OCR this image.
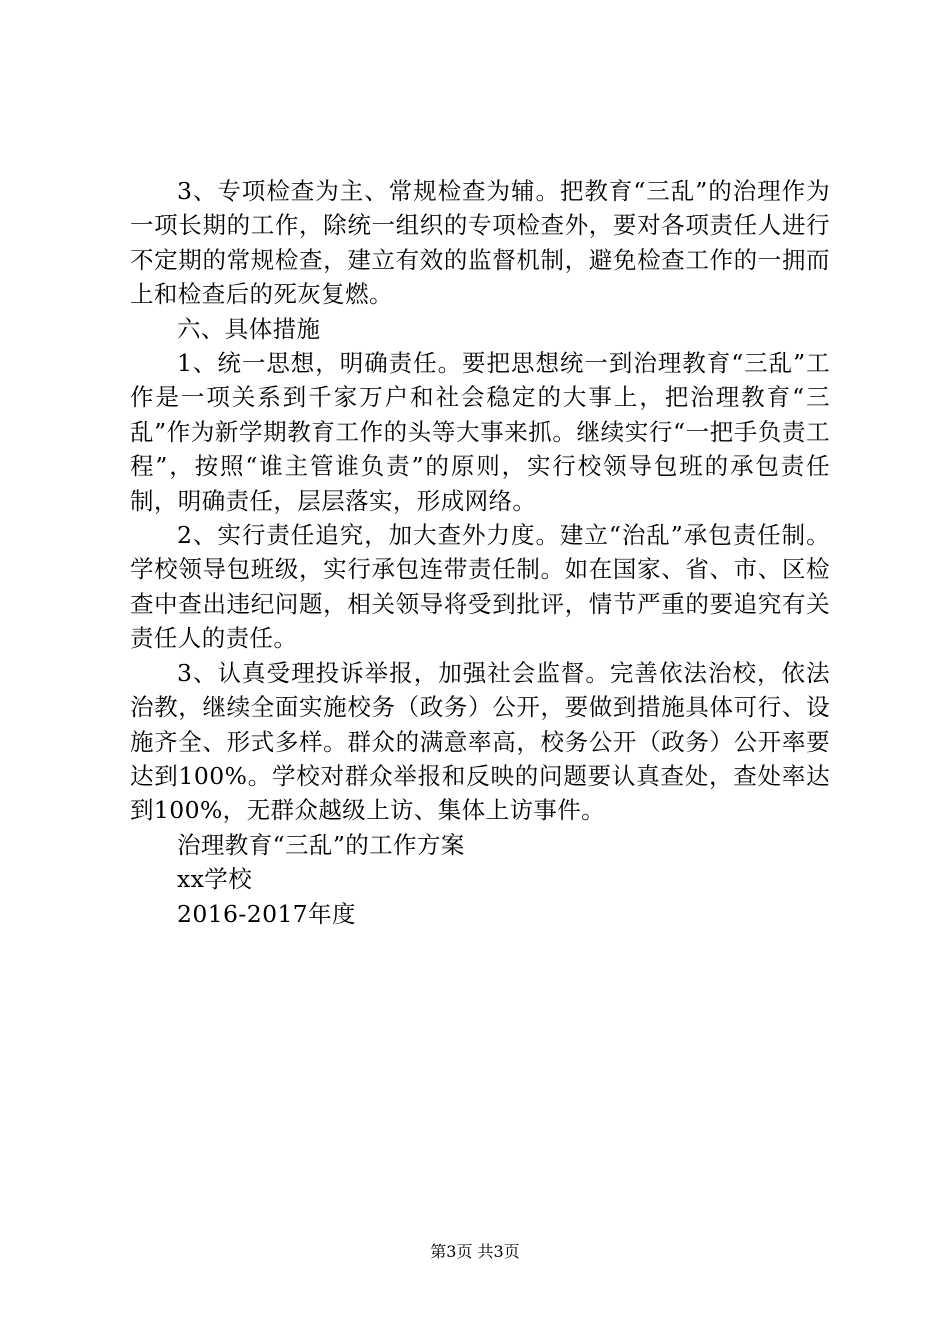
3、专项检查为主、常规检查为辅。把教育“三乱”的治理作为一项长期的工作，除统一组织的专项检查外，要对各项责任人进行不定期的常规检查，建立有效的监督机制，避免检查工作的一拥而上和检查后的死灰复燃。

六、具体措施

1、统一思想，明确责任。要把思想统一到治理教育“三乱”工作是一项关系到千家万户和社会稳定的大事上，把治理教育“三乱”作为新学期教育工作的头等大事来抓。继续实行“一把手负责工程”，按照“谁主管谁负责”的原则，实行校领导包班的承包责任制，明确责任，层层落实，形成网络。

2、实行责任追究，加大查外力度。建立“治乱”承包责任制。学校领导包班级，实行承包连带责任制。如在国家、省、市、区检查中查出违纪问题，相关领导将受到批评，情节严重的要追究有关责任人的责任。

3、认真受理投诉举报，加强社会监督。完善依法治校，依法治教，继续全面实施校务（政务）公开，要做到措施具体可行、设施齐全、形式多样。群众的满意率高，校务公开（政务）公开率要达到100%。学校对群众举报和反映的问题要认真查处，查处率达到100%，无群众越级上访、集体上访事件。

治理教育“三乱”的工作方案

xx学校

2016-2017年度

第3页 共3页
